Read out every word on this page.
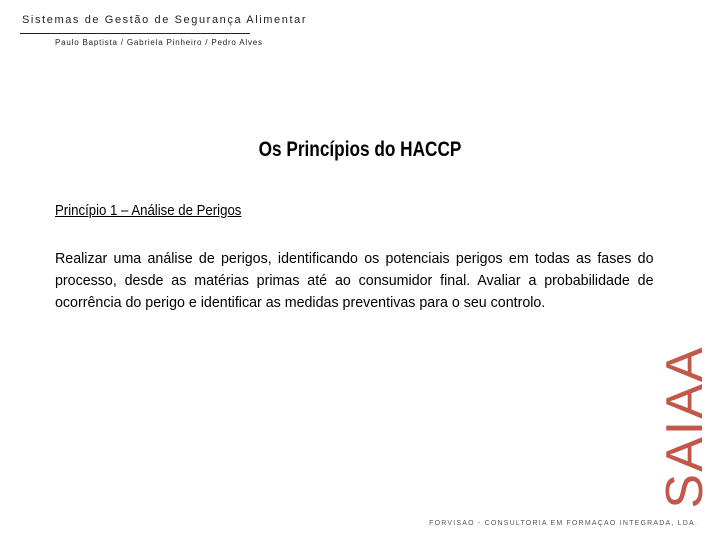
Sistemas de Gestão de Segurança Alimentar
Paulo Baptista / Gabriela Pinheiro / Pedro Alves
Os Princípios do HACCP
Princípio 1 – Análise de Perigos
Realizar uma análise de perigos, identificando os potenciais perigos em todas as fases do processo, desde as matérias primas até ao consumidor final. Avaliar a probabilidade de ocorrência do perigo e identificar as medidas preventivas para o seu controlo.
SAIAA
FORVISAO - CONSULTORIA EM FORMAÇAO INTEGRADA, LDA.
